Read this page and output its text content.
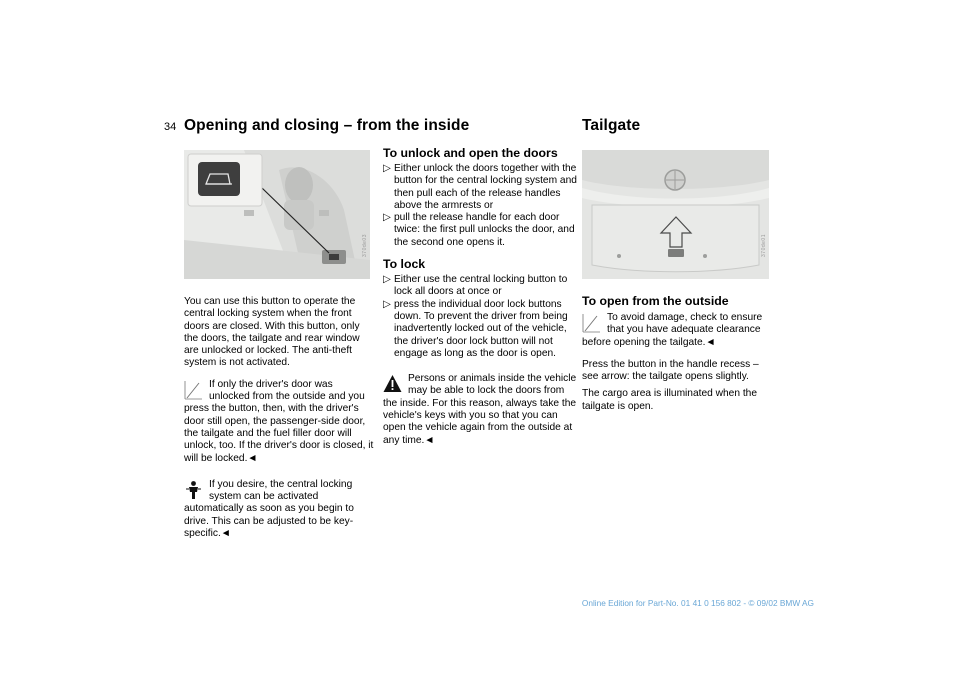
34 Opening and closing – from the inside	Tailgate
370de03

You can use this button to operate the central locking system when the front doors are closed. With this button, only the doors, the tailgate and rear window are unlocked or locked. The anti-theft system is not activated.

If only the driver's door was unlocked from the outside and you press the button, then, with the driver's door still open, the passenger-side door, the tailgate and the fuel filler door will unlock, too. If the driver's door is closed, it will be locked.◄
If you desire, the central locking system can be activated automatically as soon as you begin to drive. This can be adjusted to be key-specific.◄
To unlock and open the doors
▷ Either unlock the doors together with the button for the central locking system and then pull each of the release handles above the armrests or
▷ pull the release handle for each door twice: the first pull unlocks the door, and the second one opens it.
To lock
▷ Either use the central locking button to lock all doors at once or
▷ press the individual door lock buttons down. To prevent the driver from being inadvertently locked out of the vehicle, the driver's door lock button will not engage as long as the door is open.
Persons or animals inside the vehicle may be able to lock the doors from the inside. For this reason, always take the vehicle's keys with you so that you can open the vehicle again from the outside at any time.◄
370de01
To open from the outside
To avoid damage, check to ensure that you have adequate clearance before opening the tailgate.◄

Press the button in the handle recess – see arrow: the tailgate opens slightly.

The cargo area is illuminated when the tailgate is open.

Online Edition for Part-No. 01 41 0 156 802 - © 09/02 BMW AG
